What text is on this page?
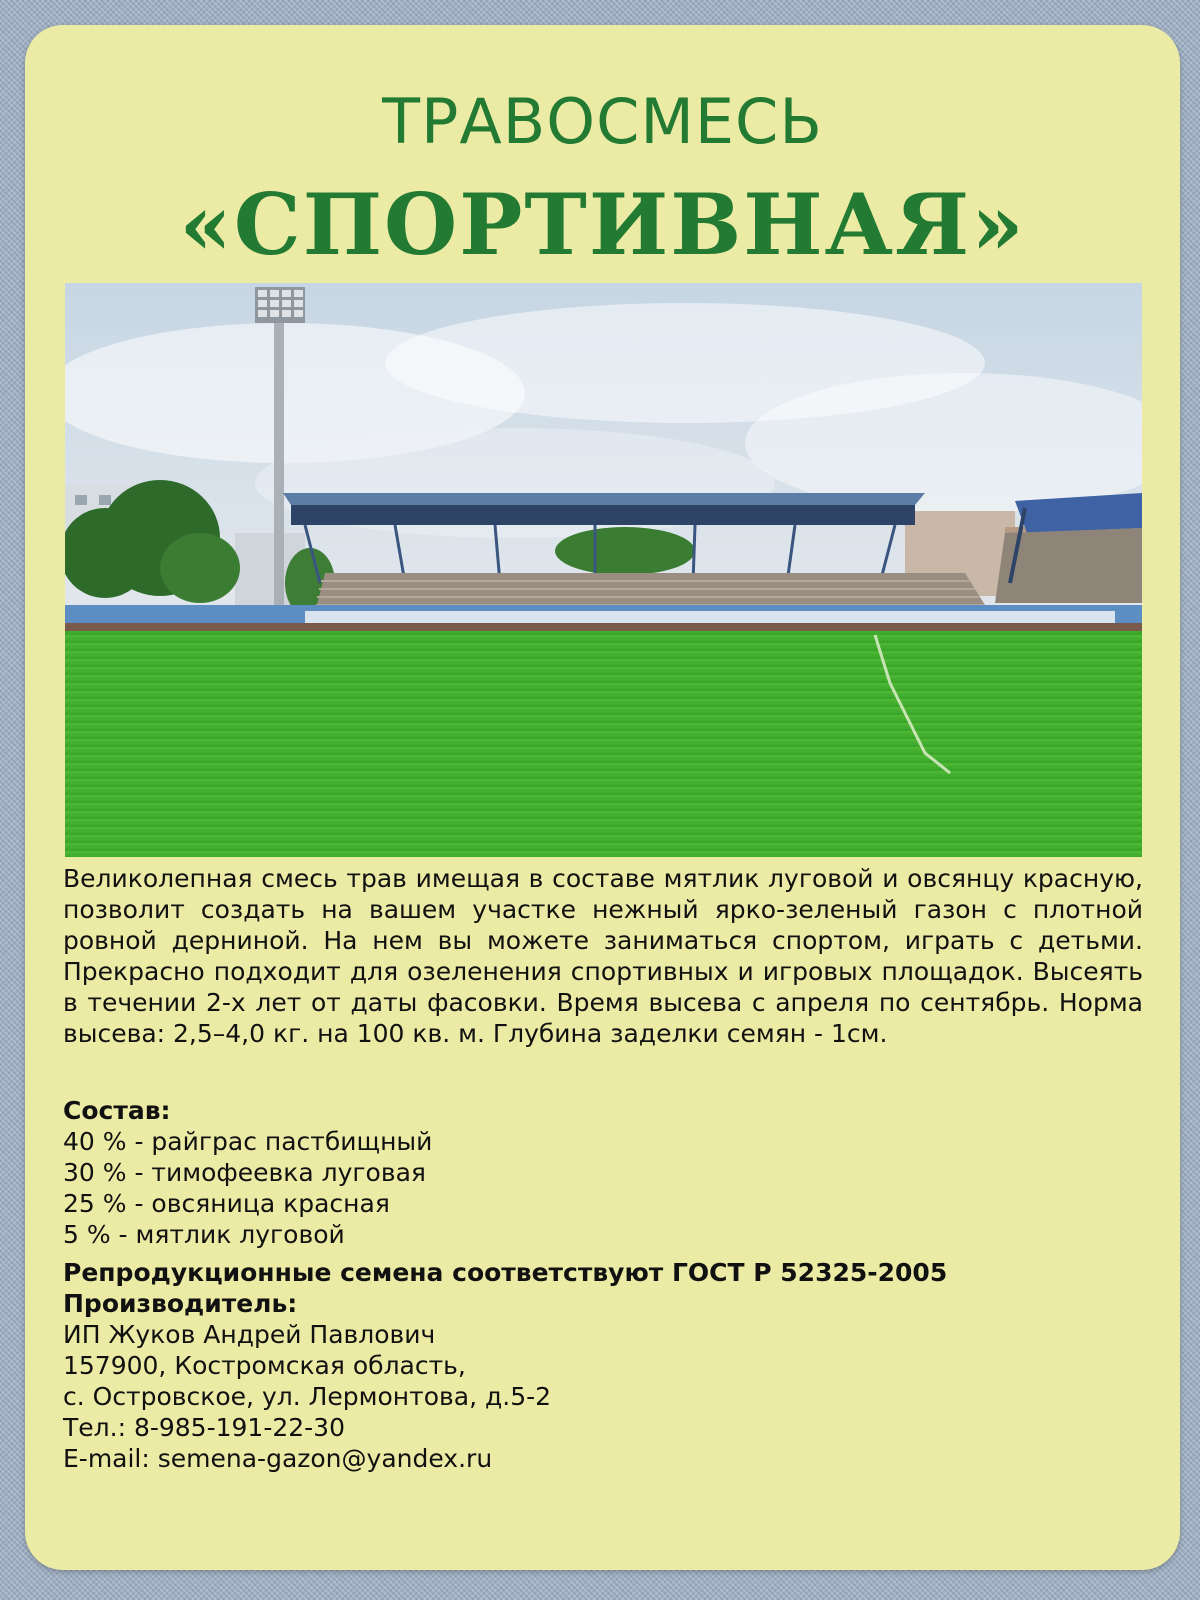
ТРАВОСМЕСЬ
«СПОРТИВНАЯ»
Великолепная смесь трав имещая в составе мятлик луговой и овсянцу красную, позволит создать на вашем участке нежный ярко-зеленый газон с плотной ровной дерниной. На нем вы можете заниматься спортом, играть с детьми. Прекрасно подходит для озеленения спортивных и игровых площадок. Высеять в течении 2-х лет от даты фасовки. Время высева с апреля по сентябрь. Норма высева: 2,5–4,0 кг. на 100 кв. м. Глубина заделки семян - 1см.
Состав:
40 % - райграс пастбищный
30 % - тимофеевка луговая
25 % - овсяница красная
5 % - мятлик луговой
Репродукционные семена соответствуют ГОСТ Р 52325-2005
Производитель:
ИП Жуков Андрей Павлович
157900, Костромская область,
с. Островское, ул. Лермонтова, д.5-2
Тел.: 8-985-191-22-30
E-mail: semena-gazon@yandex.ru
